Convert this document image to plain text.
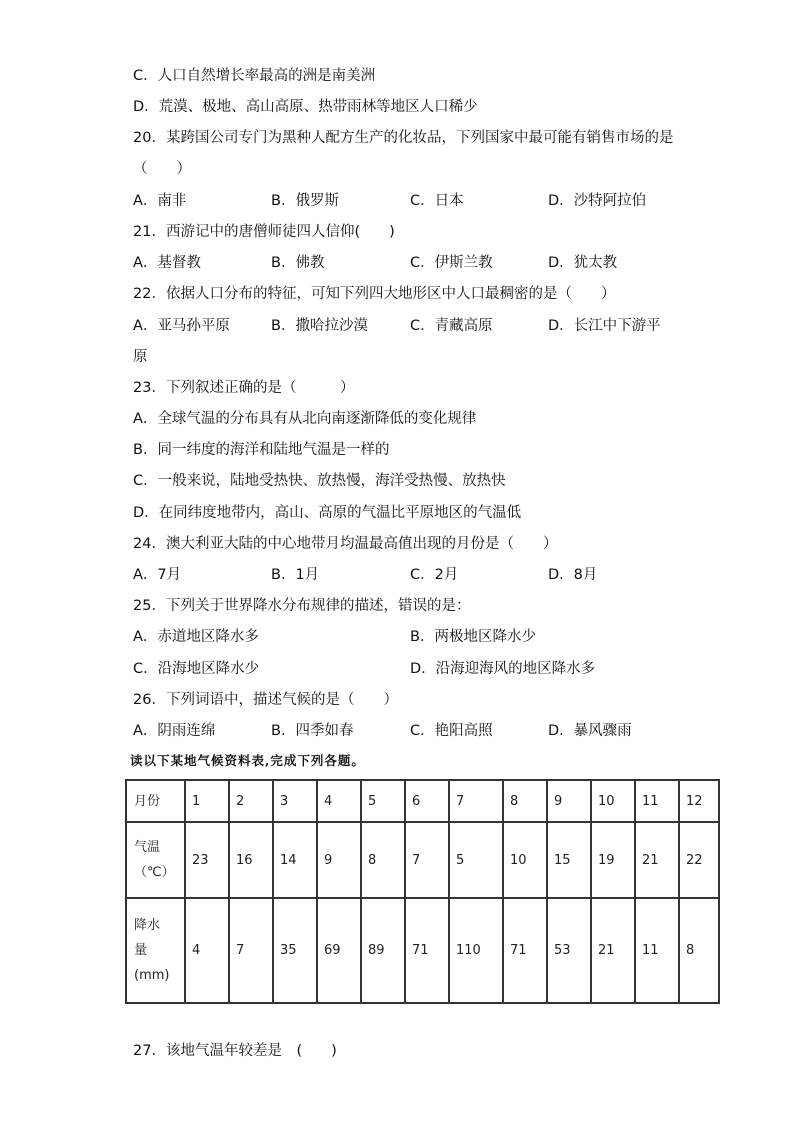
C．人口自然增长率最高的洲是南美洲
D．荒漠、极地、高山高原、热带雨林等地区人口稀少
20．某跨国公司专门为黑种人配方生产的化妆品，下列国家中最可能有销售市场的是
（　　）
A．南非	B．俄罗斯	C．日本	D．沙特阿拉伯
21．西游记中的唐僧师徒四人信仰(　　)
A．基督教	B．佛教	C．伊斯兰教	D．犹太教
22．依据人口分布的特征，可知下列四大地形区中人口最稠密的是（　　）
A．亚马孙平原	B．撒哈拉沙漠	C．青藏高原	D．长江中下游平
原
23．下列叙述正确的是（　　　）
A．全球气温的分布具有从北向南逐渐降低的变化规律
B．同一纬度的海洋和陆地气温是一样的
C．一般来说，陆地受热快、放热慢，海洋受热慢、放热快
D．在同纬度地带内，高山、高原的气温比平原地区的气温低
24．澳大利亚大陆的中心地带月均温最高值出现的月份是（　　）
A．7月	B．1月	C．2月	D．8月
25．下列关于世界降水分布规律的描述，错误的是：
A．赤道地区降水多	B．两极地区降水少
C．沿海地区降水少	D．沿海迎海风的地区降水多
26．下列词语中，描述气候的是（　　）
A．阴雨连绵	B．四季如春	C．艳阳高照	D．暴风骤雨
读以下某地气候资料表,完成下列各题。
月份	1	2	3	4	5	6	7	8	9	10	11	12

气温
（℃）	23	16	14	9	8	7	5	10	15	19	21	22

降水
量
(mm)	4	7	35	69	89	71	110	71	53	21	11	8
27．该地气温年较差是　(　　)
